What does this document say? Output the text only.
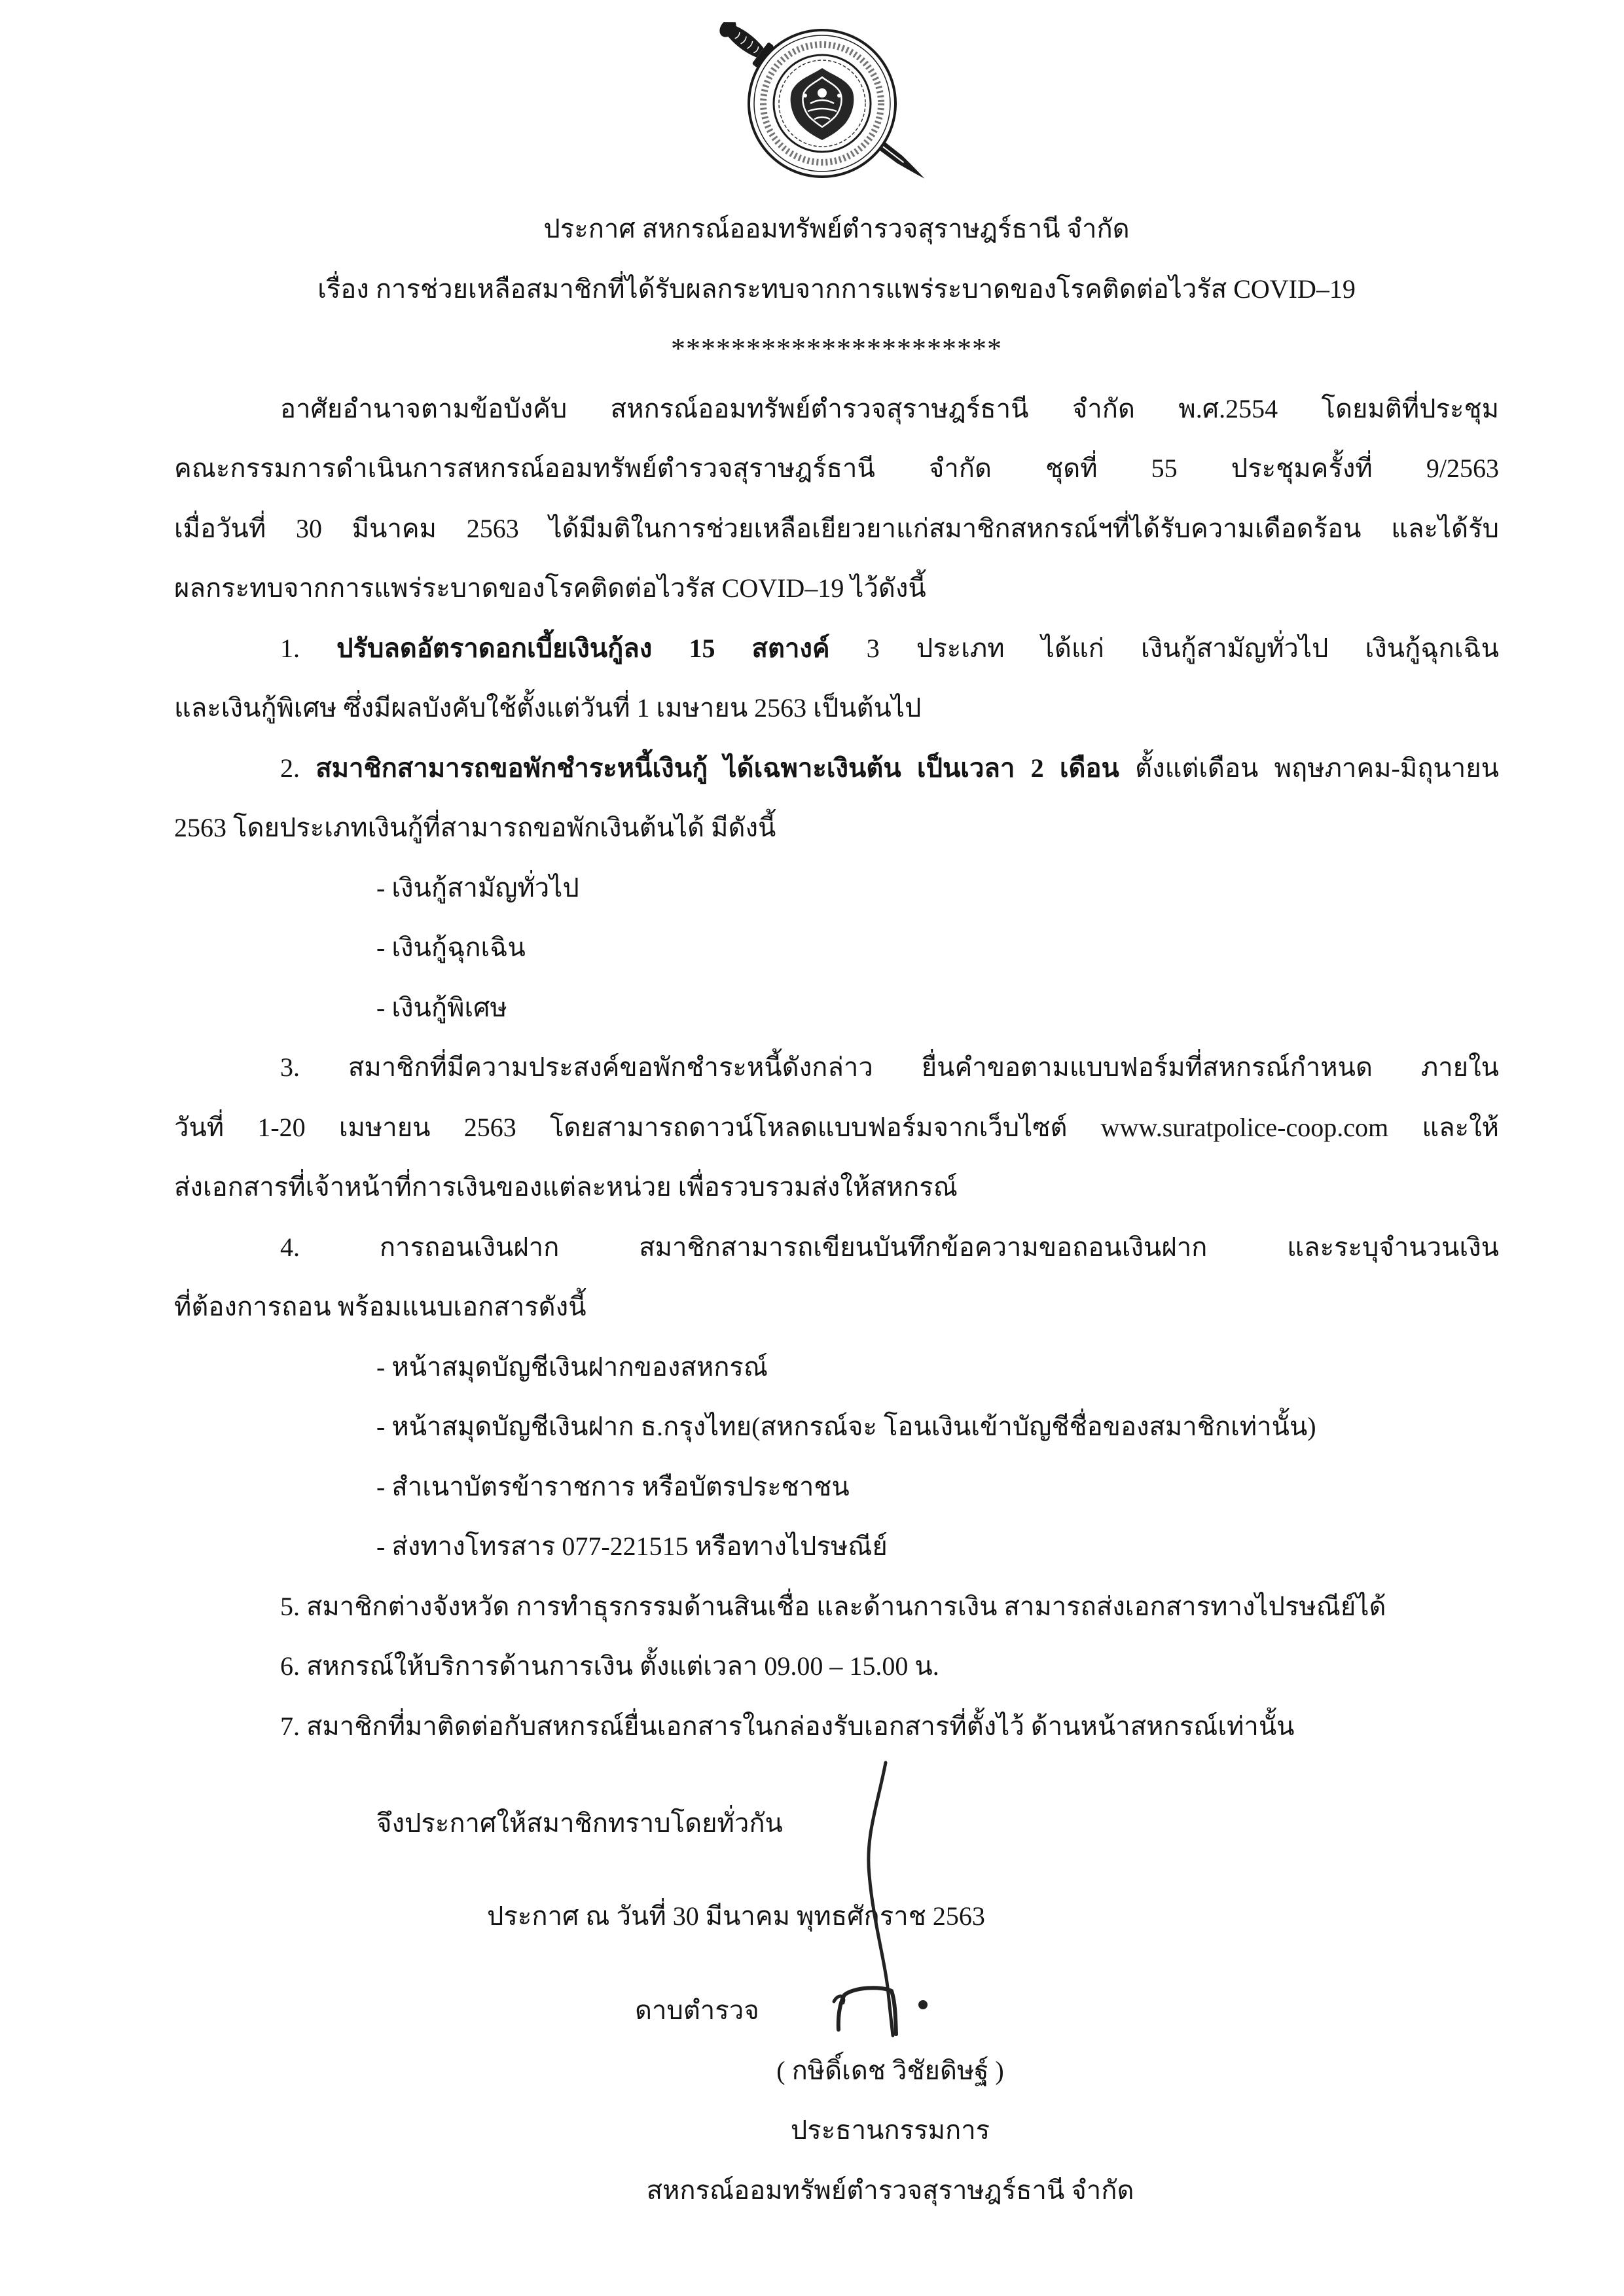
ประกาศ สหกรณ์ออมทรัพย์ตำรวจสุราษฎร์ธานี จำกัด
เรื่อง การช่วยเหลือสมาชิกที่ได้รับผลกระทบจากการแพร่ระบาดของโรคติดต่อไวรัส COVID–19
**********************
อาศัยอำนาจตามข้อบังคับ สหกรณ์ออมทรัพย์ตำรวจสุราษฎร์ธานี จำกัด พ.ศ.2554 โดยมติที่ประชุม
คณะกรรมการดำเนินการสหกรณ์ออมทรัพย์ตำรวจสุราษฎร์ธานี จำกัด ชุดที่ 55 ประชุมครั้งที่ 9/2563
เมื่อวันที่ 30 มีนาคม 2563 ได้มีมติในการช่วยเหลือเยียวยาแก่สมาชิกสหกรณ์ฯที่ได้รับความเดือดร้อน และได้รับ
ผลกระทบจากการแพร่ระบาดของโรคติดต่อไวรัส COVID–19 ไว้ดังนี้
1. ปรับลดอัตราดอกเบี้ยเงินกู้ลง 15 สตางค์ 3 ประเภท ได้แก่ เงินกู้สามัญทั่วไป เงินกู้ฉุกเฉิน
และเงินกู้พิเศษ ซึ่งมีผลบังคับใช้ตั้งแต่วันที่ 1 เมษายน 2563 เป็นต้นไป
2. สมาชิกสามารถขอพักชำระหนี้เงินกู้ ได้เฉพาะเงินต้น เป็นเวลา 2 เดือน ตั้งแต่เดือน พฤษภาคม-มิถุนายน
2563 โดยประเภทเงินกู้ที่สามารถขอพักเงินต้นได้ มีดังนี้
- เงินกู้สามัญทั่วไป
- เงินกู้ฉุกเฉิน
- เงินกู้พิเศษ
3. สมาชิกที่มีความประสงค์ขอพักชำระหนี้ดังกล่าว ยื่นคำขอตามแบบฟอร์มที่สหกรณ์กำหนด ภายใน
วันที่ 1-20 เมษายน 2563 โดยสามารถดาวน์โหลดแบบฟอร์มจากเว็บไซต์ www.suratpolice-coop.com และให้
ส่งเอกสารที่เจ้าหน้าที่การเงินของแต่ละหน่วย เพื่อรวบรวมส่งให้สหกรณ์
4.	การถอนเงินฝาก สมาชิกสามารถเขียนบันทึกข้อความขอถอนเงินฝาก และระบุจำนวนเงิน
ที่ต้องการถอน พร้อมแนบเอกสารดังนี้
- หน้าสมุดบัญชีเงินฝากของสหกรณ์
- หน้าสมุดบัญชีเงินฝาก ธ.กรุงไทย(สหกรณ์จะ โอนเงินเข้าบัญชีชื่อของสมาชิกเท่านั้น)
- สำเนาบัตรข้าราชการ หรือบัตรประชาชน
- ส่งทางโทรสาร 077-221515 หรือทางไปรษณีย์
5. สมาชิกต่างจังหวัด การทำธุรกรรมด้านสินเชื่อ และด้านการเงิน สามารถส่งเอกสารทางไปรษณีย์ได้
6. สหกรณ์ให้บริการด้านการเงิน ตั้งแต่เวลา 09.00 – 15.00 น.
7. สมาชิกที่มาติดต่อกับสหกรณ์ยื่นเอกสารในกล่องรับเอกสารที่ตั้งไว้ ด้านหน้าสหกรณ์เท่านั้น
จึงประกาศให้สมาชิกทราบโดยทั่วกัน
ประกาศ ณ วันที่ 30 มีนาคม พุทธศักราช 2563
ดาบตำรวจ
( กษิดิ์เดช วิชัยดิษฐ์ )
ประธานกรรมการ
สหกรณ์ออมทรัพย์ตำรวจสุราษฎร์ธานี จำกัด
